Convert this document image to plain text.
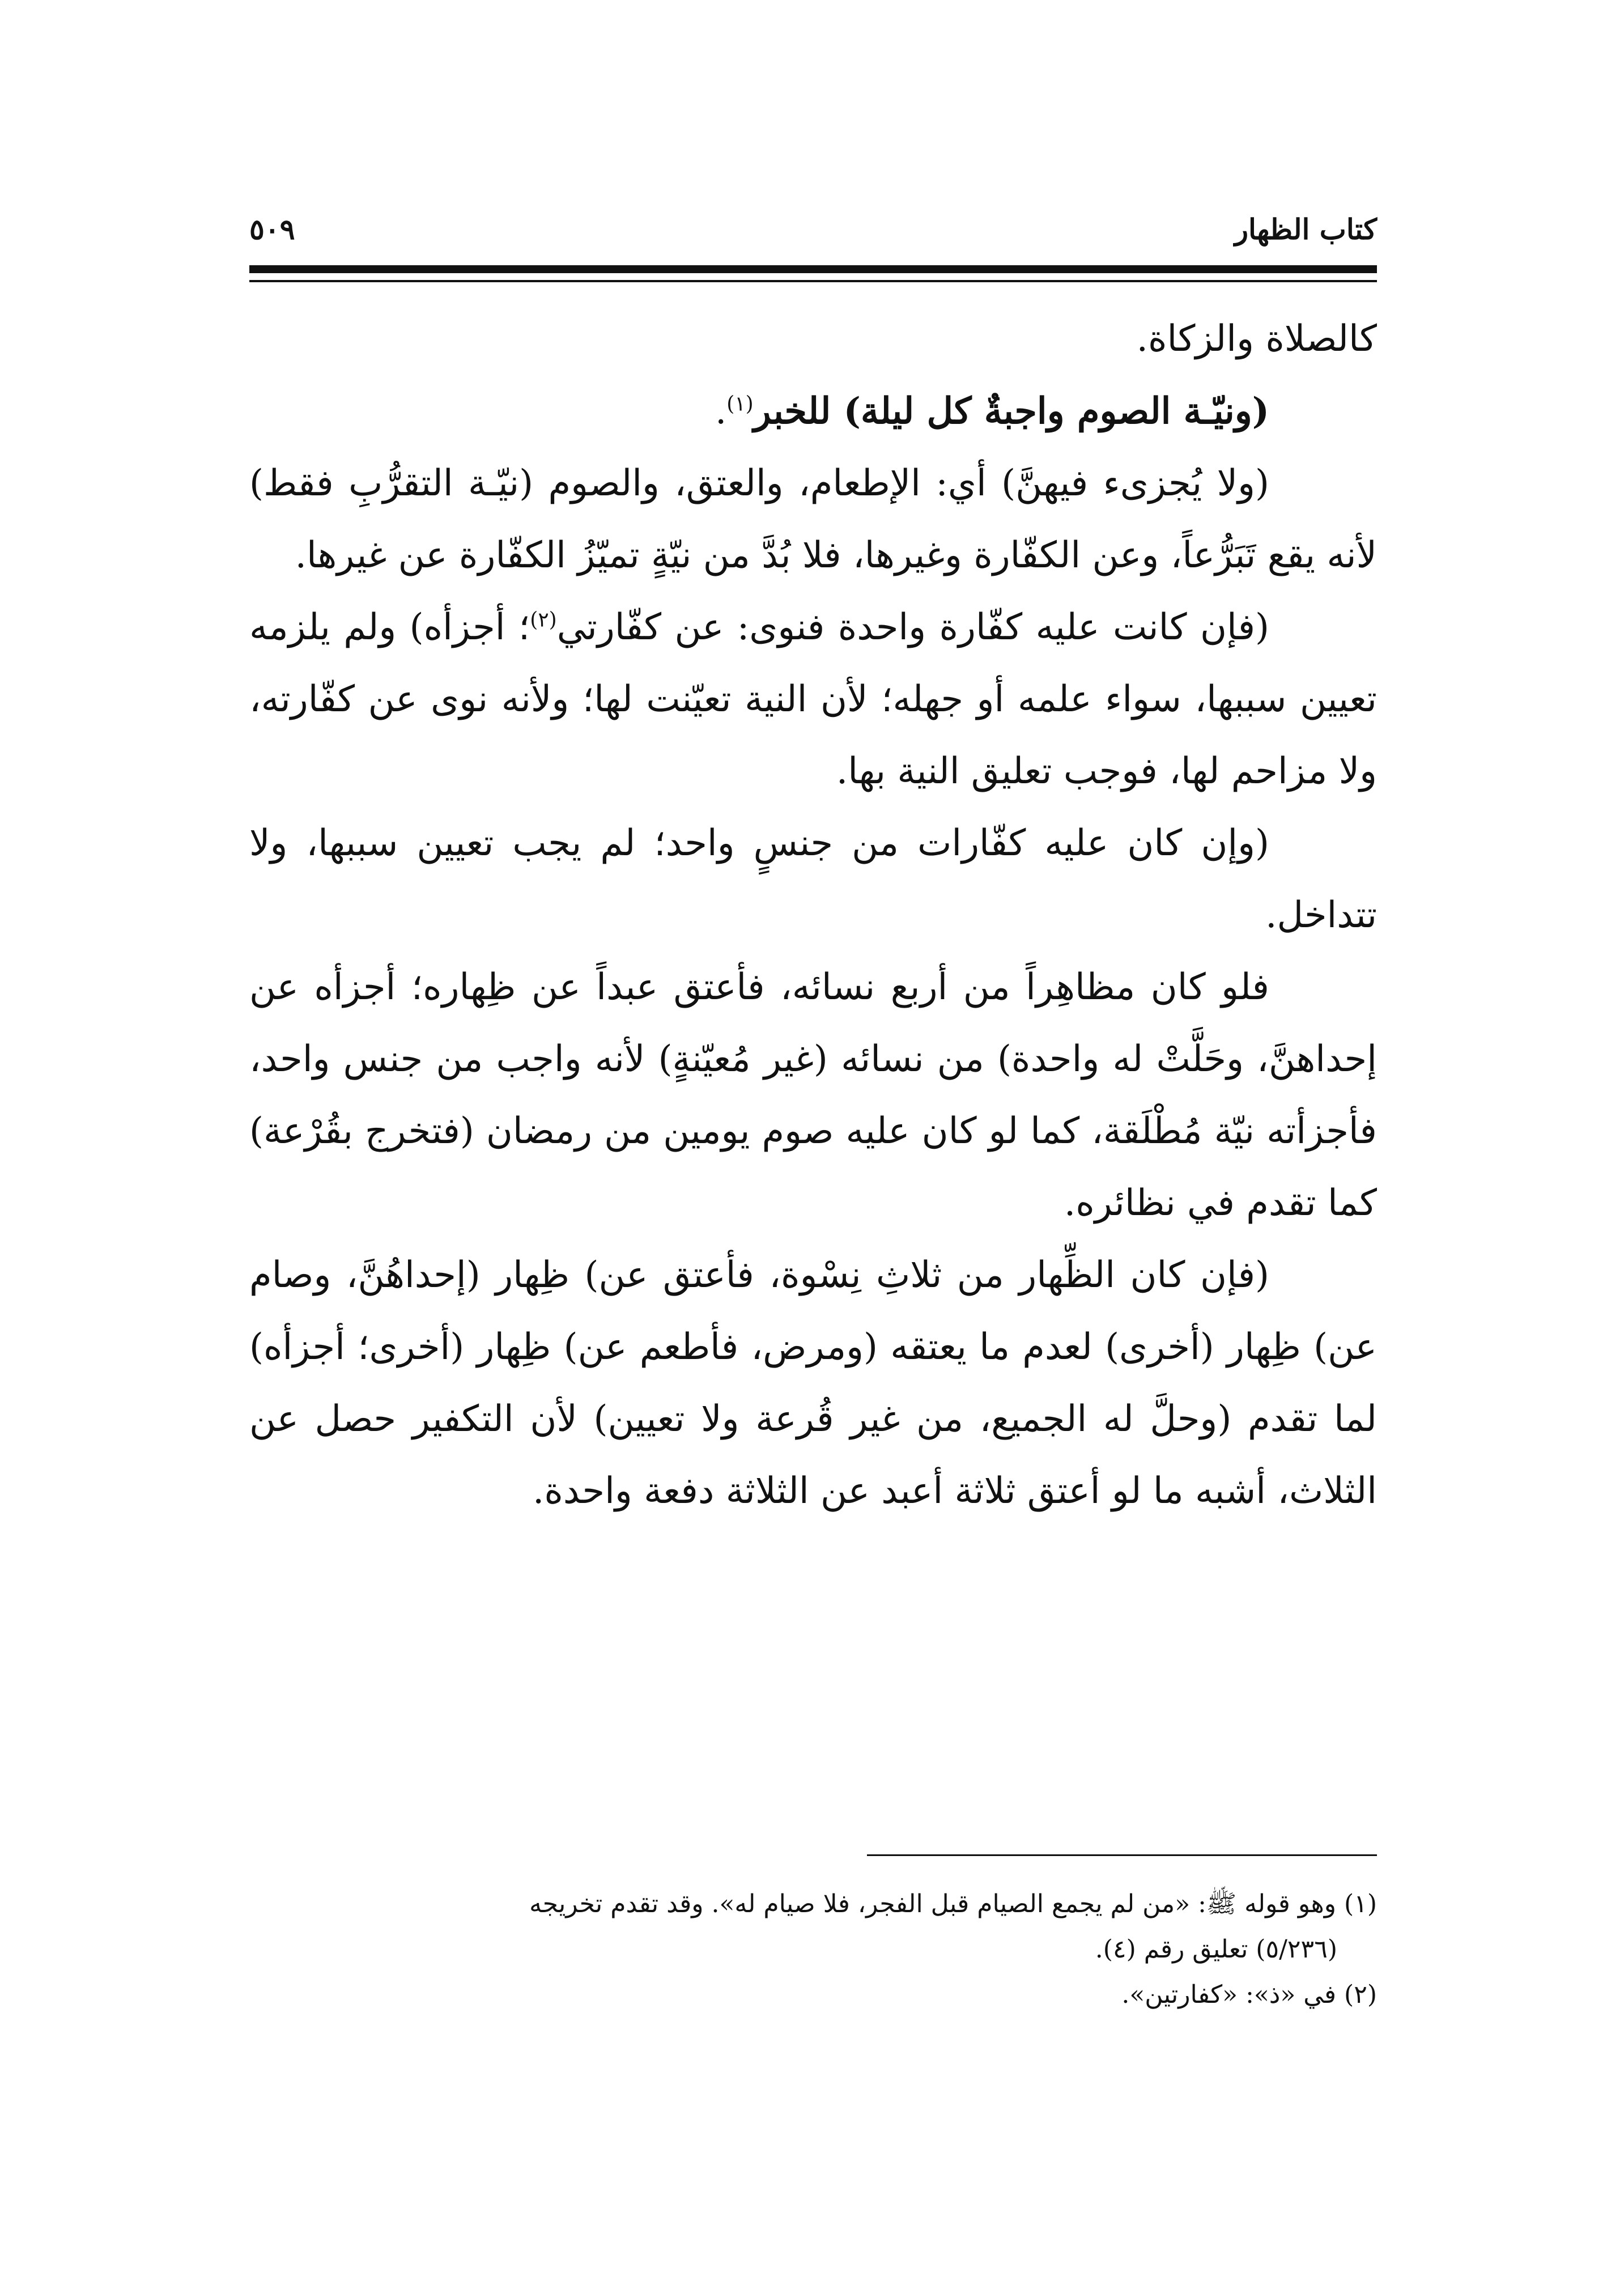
كتاب الظهار
٥٠٩

كالصلاة والزكاة.

(ونيّـة الصوم واجبةٌ كل ليلة) للخبر$^{(١)}$.

(ولا يُجزىء فيهنَّ) أي: الإطعام، والعتق، والصوم (نيّـة التقرُّبِ فقط) لأنه يقع تَبَرُّعاً، وعن الكفّارة وغيرها، فلا بُدَّ من نيّةٍ تميّزُ الكفّارة عن غيرها.

(فإن كانت عليه كفّارة واحدة فنوى: عن كفّارتي$^{(٢)}$؛ أجزأه) ولم يلزمه تعيين سببها، سواء علمه أو جهله؛ لأن النية تعيّنت لها؛ ولأنه نوى عن كفّارته، ولا مزاحم لها، فوجب تعليق النية بها.

(وإن كان عليه كفّارات من جنسٍ واحد؛ لم يجب تعيين سببها، ولا تتداخل.

فلو كان مظاهِراً من أربع نسائه، فأعتق عبداً عن ظِهاره؛ أجزأه عن إحداهنَّ، وحَلَّتْ له واحدة) من نسائه (غير مُعيّنةٍ) لأنه واجب من جنس واحد، فأجزأته نيّة مُطْلَقة، كما لو كان عليه صوم يومين من رمضان (فتخرج بقُرْعة) كما تقدم في نظائره.

(فإن كان الظِّهار من ثلاثِ نِسْوة، فأعتق عن) ظِهار (إحداهُنَّ، وصام عن) ظِهار (أخرى) لعدم ما يعتقه (ومرض، فأطعم عن) ظِهار (أخرى؛ أجزأه) لما تقدم (وحلَّ له الجميع، من غير قُرعة ولا تعيين) لأن التكفير حصل عن الثلاث، أشبه ما لو أعتق ثلاثة أعبد عن الثلاثة دفعة واحدة.

(١) وهو قوله ﷺ: «من لم يجمع الصيام قبل الفجر، فلا صيام له». وقد تقدم تخريجه

(٥/٢٣٦) تعليق رقم (٤).

(٢) في «ذ»: «كفارتين».
